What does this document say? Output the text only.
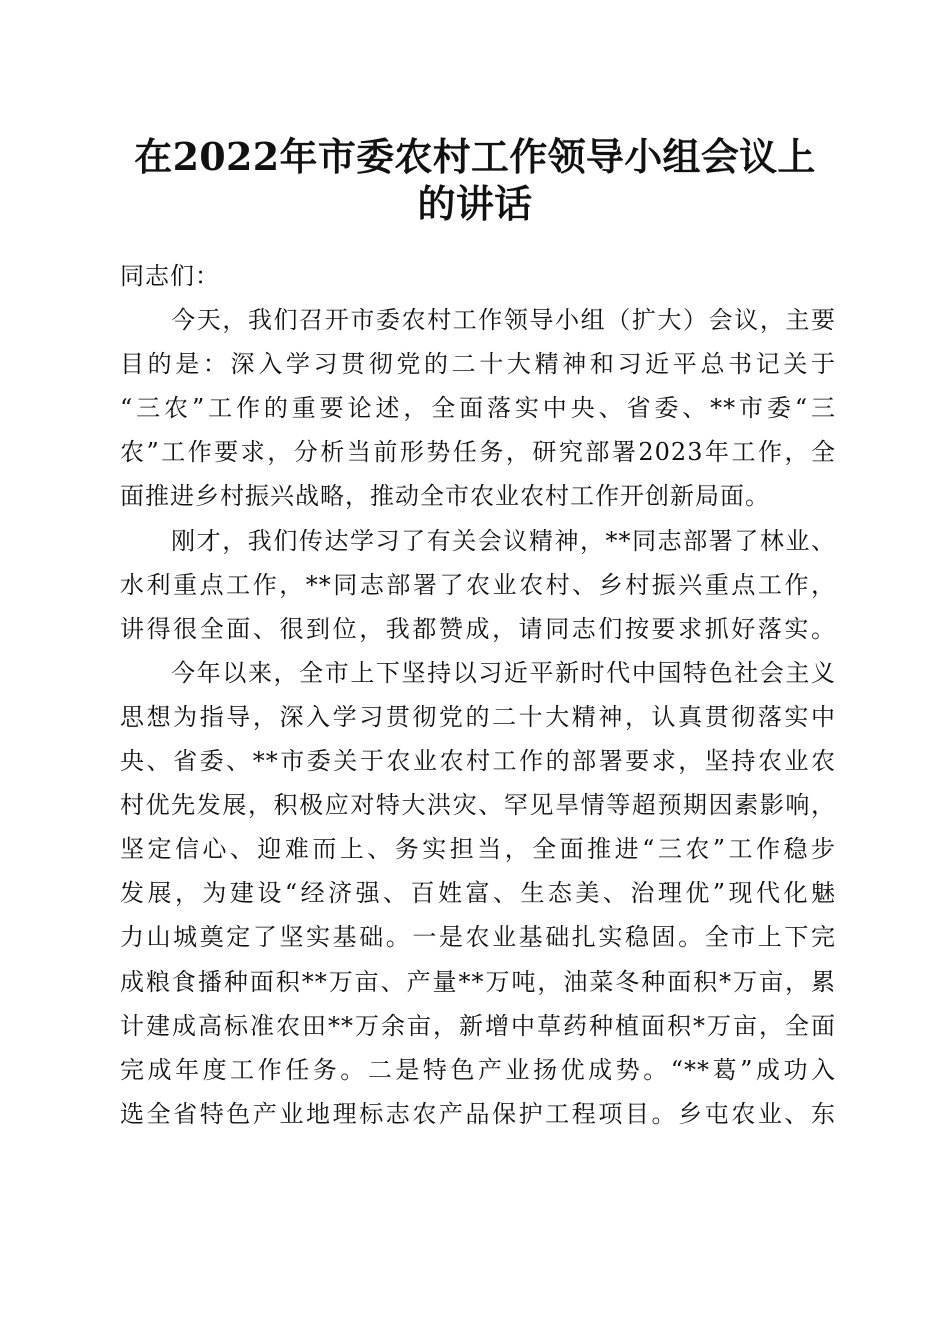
在2022年市委农村工作领导小组会议上的讲话
同志们：
　　今天，我们召开市委农村工作领导小组（扩大）会议，主要
目的是：深入学习贯彻党的二十大精神和习近平总书记关于
“三农”工作的重要论述，全面落实中央、省委、**市委“三
农”工作要求，分析当前形势任务，研究部署2023年工作，全
面推进乡村振兴战略，推动全市农业农村工作开创新局面。
　　刚才，我们传达学习了有关会议精神，**同志部署了林业、
水利重点工作，**同志部署了农业农村、乡村振兴重点工作，
讲得很全面、很到位，我都赞成，请同志们按要求抓好落实。
　　今年以来，全市上下坚持以习近平新时代中国特色社会主义
思想为指导，深入学习贯彻党的二十大精神，认真贯彻落实中
央、省委、**市委关于农业农村工作的部署要求，坚持农业农
村优先发展，积极应对特大洪灾、罕见旱情等超预期因素影响，
坚定信心、迎难而上、务实担当，全面推进“三农”工作稳步
发展，为建设“经济强、百姓富、生态美、治理优”现代化魅
力山城奠定了坚实基础。一是农业基础扎实稳固。全市上下完
成粮食播种面积**万亩、产量**万吨，油菜冬种面积*万亩，累
计建成高标准农田**万余亩，新增中草药种植面积*万亩，全面
完成年度工作任务。二是特色产业扬优成势。“**葛”成功入
选全省特色产业地理标志农产品保护工程项目。乡屯农业、东
